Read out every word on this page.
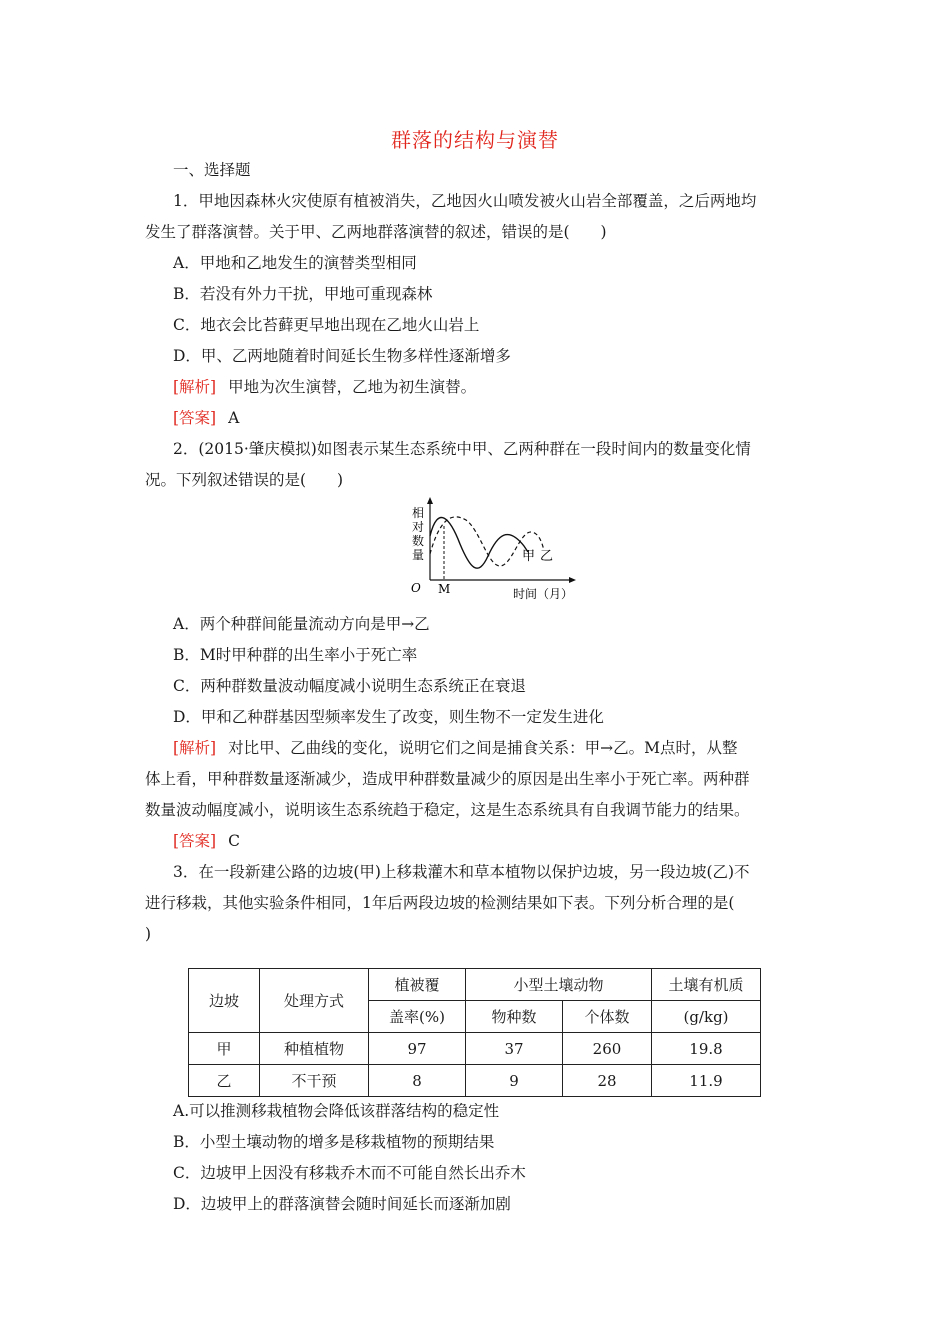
群落的结构与演替
一、选择题
1．甲地因森林火灾使原有植被消失，乙地因火山喷发被火山岩全部覆盖，之后两地均
发生了群落演替。关于甲、乙两地群落演替的叙述，错误的是(　　)
A．甲地和乙地发生的演替类型相同
B．若没有外力干扰，甲地可重现森林
C．地衣会比苔藓更早地出现在乙地火山岩上
D．甲、乙两地随着时间延长生物多样性逐渐增多
[解析] 甲地为次生演替，乙地为初生演替。
[答案] A
2．(2015·肇庆模拟)如图表示某生态系统中甲、乙两种群在一段时间内的数量变化情
况。下列叙述错误的是(　　)
相
对
数
量
O M	时间（月）
甲 乙
A．两个种群间能量流动方向是甲→乙
B．M时甲种群的出生率小于死亡率
C．两种群数量波动幅度减小说明生态系统正在衰退
D．甲和乙种群基因型频率发生了改变，则生物不一定发生进化
[解析] 对比甲、乙曲线的变化，说明它们之间是捕食关系：甲→乙。M点时，从整
体上看，甲种群数量逐渐减少，造成甲种群数量减少的原因是出生率小于死亡率。两种群
数量波动幅度减小，说明该生态系统趋于稳定，这是生态系统具有自我调节能力的结果。
[答案] C
3．在一段新建公路的边坡(甲)上移栽灌木和草本植物以保护边坡，另一段边坡(乙)不
进行移栽，其他实验条件相同，1年后两段边坡的检测结果如下表。下列分析合理的是(
)
边坡	处理方式	植被覆	小型土壤动物		土壤有机质
		盖率(%)	物种数	个体数	(g/kg)
甲	种植植物	97	37	260	19.8
乙	不干预	8	9	28	11.9
A.可以推测移栽植物会降低该群落结构的稳定性
B．小型土壤动物的增多是移栽植物的预期结果
C．边坡甲上因没有移栽乔木而不可能自然长出乔木
D．边坡甲上的群落演替会随时间延长而逐渐加剧
